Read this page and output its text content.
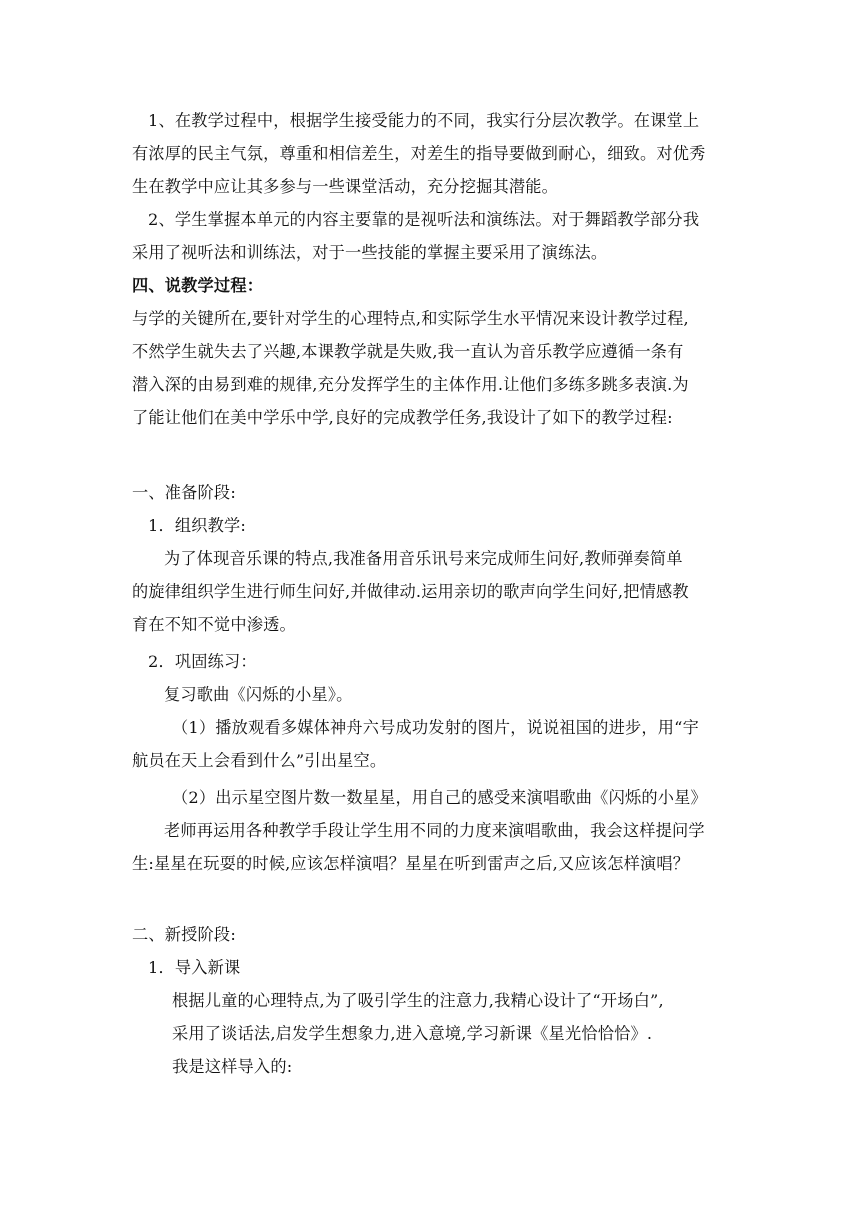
1、在教学过程中，根据学生接受能力的不同，我实行分层次教学。在课堂上
有浓厚的民主气氛，尊重和相信差生，对差生的指导要做到耐心，细致。对优秀
生在教学中应让其多参与一些课堂活动，充分挖掘其潜能。
2、学生掌握本单元的内容主要靠的是视听法和演练法。对于舞蹈教学部分我
采用了视听法和训练法，对于一些技能的掌握主要采用了演练法。
四、说教学过程：
与学的关键所在,要针对学生的心理特点,和实际学生水平情况来设计教学过程,
不然学生就失去了兴趣,本课教学就是失败,我一直认为音乐教学应遵循一条有
潜入深的由易到难的规律,充分发挥学生的主体作用.让他们多练多跳多表演.为
了能让他们在美中学乐中学,良好的完成教学任务,我设计了如下的教学过程:
一、准备阶段:
1．组织教学:
为了体现音乐课的特点,我准备用音乐讯号来完成师生问好,教师弹奏简单
的旋律组织学生进行师生问好,并做律动.运用亲切的歌声向学生问好,把情感教
育在不知不觉中渗透。
2．巩固练习：
复习歌曲《闪烁的小星》。
（1）播放观看多媒体神舟六号成功发射的图片，说说祖国的进步，用“宇
航员在天上会看到什么”引出星空。
（2）出示星空图片数一数星星，用自己的感受来演唱歌曲《闪烁的小星》
老师再运用各种教学手段让学生用不同的力度来演唱歌曲，我会这样提问学
生:星星在玩耍的时候,应该怎样演唱？星星在听到雷声之后,又应该怎样演唱？
二、新授阶段:
1．导入新课
根据儿童的心理特点,为了吸引学生的注意力,我精心设计了“开场白”,
采用了谈话法,启发学生想象力,进入意境,学习新课《星光恰恰恰》.
我是这样导入的:
